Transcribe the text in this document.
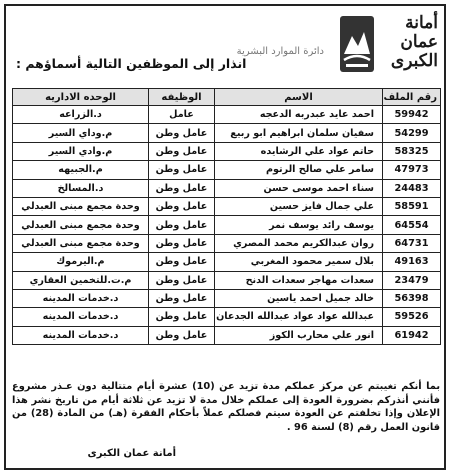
أمانة
عمان
الكبرى
دائرة الموارد البشرية
انذار إلى الموظفين التالية أسماؤهم :
رقم الملف	الاسم	الوظيفه	الوحده الاداريه
59942	احمد عايد عبدربه الدعجه	عامل	د.الزراعه
54299	سفيان سلمان ابراهيم ابو ربيع	عامل وطن	م.وداي السير
58325	حاتم عواد علي الرشايده	عامل وطن	م.وادي السير
47973	سامر علي صالح الرتوم	عامل وطن	م.الجبيهه
24483	سناء احمد موسى حسن	عامل وطن	د.المسالخ
58591	علي جمال فايز حسين	عامل وطن	وحدة مجمع مبنى العبدلي
64554	يوسف رائد يوسف نمر	عامل وطن	وحدة مجمع مبنى العبدلي
64731	روان عبدالكريم محمد المصري	عامل وطن	وحدة مجمع مبنى العبدلي
49163	بلال سمير محمود المغربي	عامل وطن	م.اليرموك
23479	سعدات مهاجر سعدات الدنح	عامل وطن	م.ت.للتخمين العقاري
56398	خالد جميل احمد ياسين	عامل وطن	د.خدمات المدينه
59526	عبدالله عواد عواد عبدالله الجدعان	عامل وطن	د.خدمات المدينه
61942	انور علي محارب الكوز	عامل وطن	د.خدمات المدينه
بما أنكم تغيبتم عن مركز عملكم مدة تزيد عن (10) عشرة أيام متتالية دون عـذر مشروع فأنني أنذركم بضرورة العودة إلى عملكم خلال مدة لا تزيد عن ثلاثة أيام من تاريخ نشر هذا الإعلان وإذا تخلفتم عن العودة سيتم فصلكم عملاً بأحكام الفقرة (هـ) من المادة (28) من قانون العمل رقم (8) لسنة 96 .
أمانة عمان الكبرى
